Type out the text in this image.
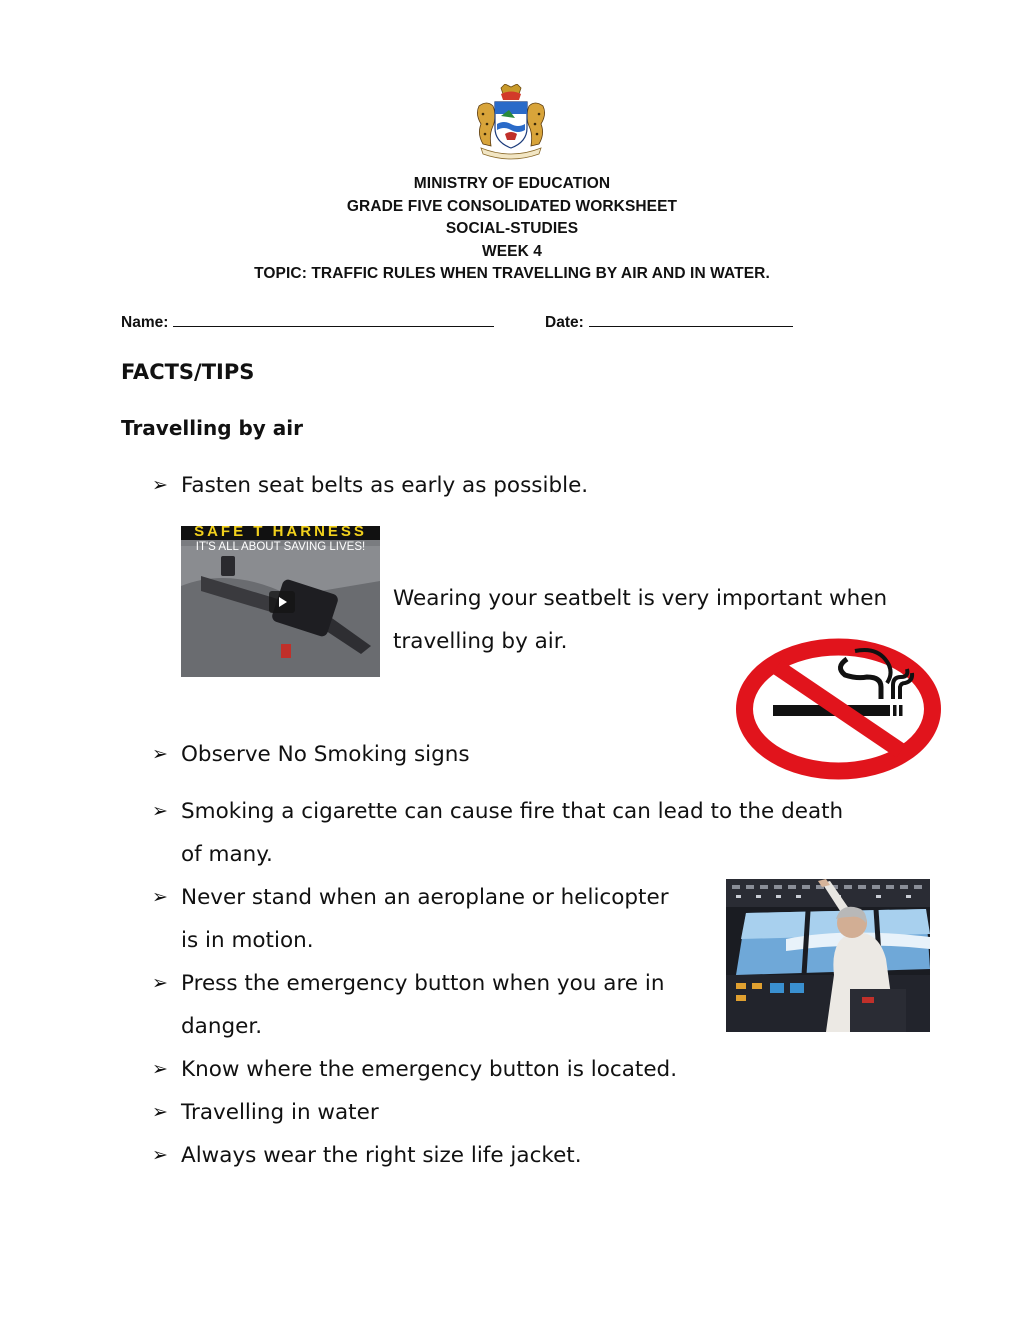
MINISTRY OF EDUCATION
GRADE FIVE CONSOLIDATED WORKSHEET
SOCIAL-STUDIES
WEEK 4
TOPIC: TRAFFIC RULES WHEN TRAVELLING BY AIR AND IN WATER.
Name:	Date:
FACTS/TIPS
Travelling by air
➢ Fasten seat belts as early as possible.
SAFE T HARNESS
IT'S ALL ABOUT SAVING LIVES!
Wearing your seatbelt is very important when
travelling by air.
➢ Observe No Smoking signs
➢ Smoking a cigarette can cause fire that can lead to the death
of many.
➢ Never stand when an aeroplane or helicopter
is in motion.
➢ Press the emergency button when you are in
danger.
➢ Know where the emergency button is located.
➢ Travelling in water
➢ Always wear the right size life jacket.
